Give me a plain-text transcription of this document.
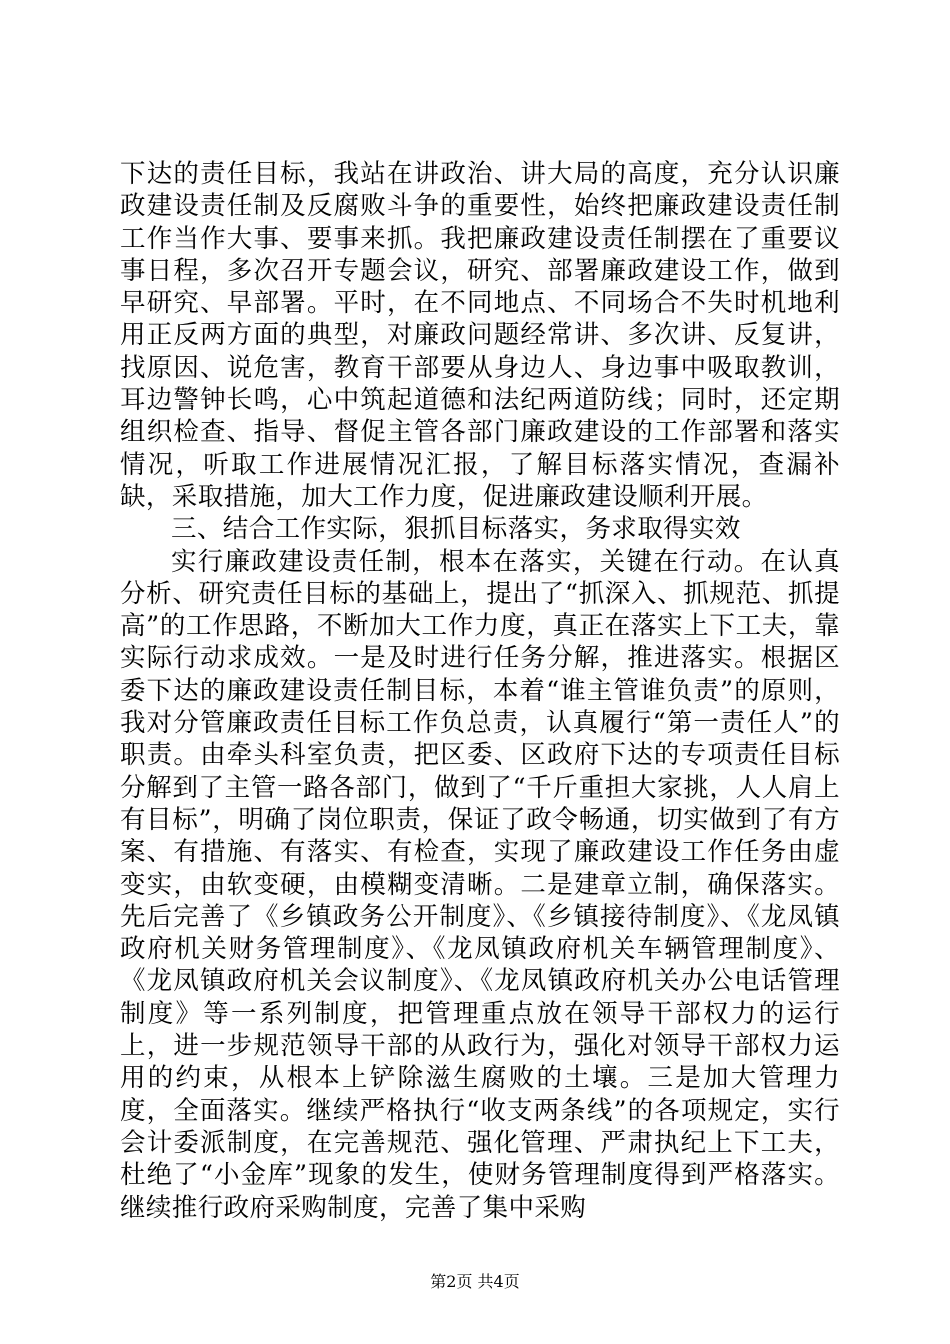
下达的责任目标，我站在讲政治、讲大局的高度，充分认识廉政建设责任制及反腐败斗争的重要性，始终把廉政建设责任制工作当作大事、要事来抓。我把廉政建设责任制摆在了重要议事日程，多次召开专题会议，研究、部署廉政建设工作，做到早研究、早部署。平时，在不同地点、不同场合不失时机地利用正反两方面的典型，对廉政问题经常讲、多次讲、反复讲，找原因、说危害，教育干部要从身边人、身边事中吸取教训，耳边警钟长鸣，心中筑起道德和法纪两道防线；同时，还定期组织检查、指导、督促主管各部门廉政建设的工作部署和落实情况，听取工作进展情况汇报，了解目标落实情况，查漏补缺，采取措施，加大工作力度，促进廉政建设顺利开展。

三、结合工作实际，狠抓目标落实，务求取得实效

实行廉政建设责任制，根本在落实，关键在行动。在认真分析、研究责任目标的基础上，提出了“抓深入、抓规范、抓提高”的工作思路，不断加大工作力度，真正在落实上下工夫，靠实际行动求成效。一是及时进行任务分解，推进落实。根据区委下达的廉政建设责任制目标，本着“谁主管谁负责”的原则，我对分管廉政责任目标工作负总责，认真履行“第一责任人”的职责。由牵头科室负责，把区委、区政府下达的专项责任目标分解到了主管一路各部门，做到了“千斤重担大家挑，人人肩上有目标”，明确了岗位职责，保证了政令畅通，切实做到了有方案、有措施、有落实、有检查，实现了廉政建设工作任务由虚变实，由软变硬，由模糊变清晰。二是建章立制，确保落实。先后完善了《乡镇政务公开制度》、《乡镇接待制度》、《龙凤镇政府机关财务管理制度》、《龙凤镇政府机关车辆管理制度》、《龙凤镇政府机关会议制度》、《龙凤镇政府机关办公电话管理制度》等一系列制度，把管理重点放在领导干部权力的运行上，进一步规范领导干部的从政行为，强化对领导干部权力运用的约束，从根本上铲除滋生腐败的土壤。三是加大管理力度，全面落实。继续严格执行“收支两条线”的各项规定，实行会计委派制度，在完善规范、强化管理、严肃执纪上下工夫，杜绝了“小金库”现象的发生，使财务管理制度得到严格落实。继续推行政府采购制度，完善了集中采购

第2页 共4页
